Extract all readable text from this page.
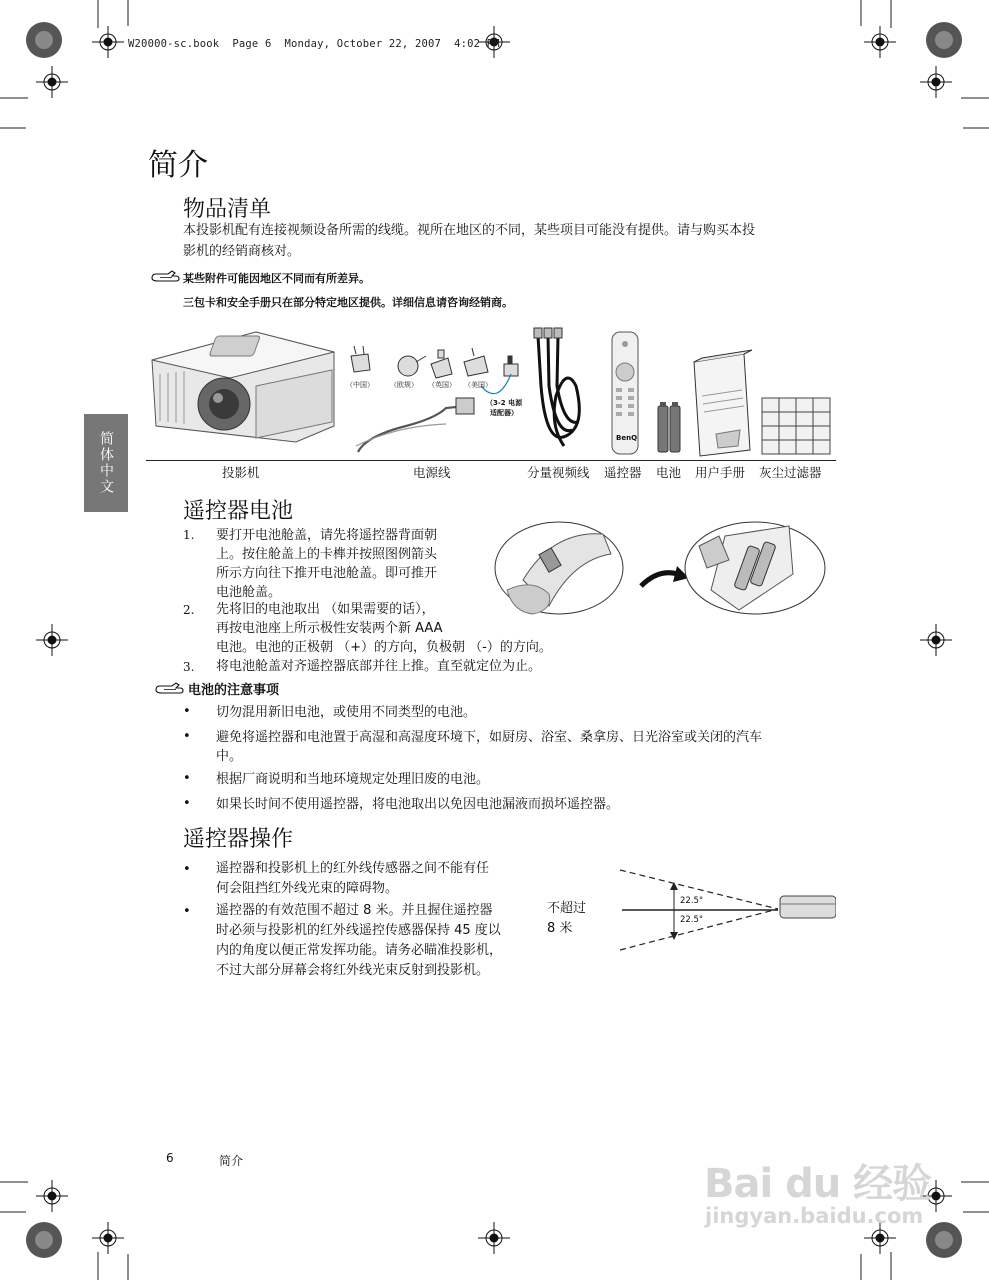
W20000-sc.book  Page 6  Monday, October 22, 2007  4:02 PM
简体中文
简介
物品清单
本投影机配有连接视频设备所需的线缆。视所在地区的不同，某些项目可能没有提供。请与购买本投
影机的经销商核对。
某些附件可能因地区不同而有所差异。
三包卡和安全手册只在部分特定地区提供。详细信息请咨询经销商。
（中国） （欧规） （英国） （美国）
（3-2 电源
适配器）
BenQ
投影机	电源线	分量视频线 遥控器 电池 用户手册 灰尘过滤器
遥控器电池
1. 要打开电池舱盖，请先将遥控器背面朝
上。按住舱盖上的卡榫并按照图例箭头
所示方向往下推开电池舱盖。即可推开
电池舱盖。
2. 先将旧的电池取出 （如果需要的话），
再按电池座上所示极性安装两个新 AAA
电池。电池的正极朝 （+）的方向，负极朝 （-）的方向。
3. 将电池舱盖对齐遥控器底部并往上推。直至就定位为止。
电池的注意事项
• 切勿混用新旧电池，或使用不同类型的电池。
• 避免将遥控器和电池置于高湿和高湿度环境下，如厨房、浴室、桑拿房、日光浴室或关闭的汽车
中。
• 根据厂商说明和当地环境规定处理旧废的电池。
• 如果长时间不使用遥控器，将电池取出以免因电池漏液而损坏遥控器。
遥控器操作
• 遥控器和投影机上的红外线传感器之间不能有任
何会阻挡红外线光束的障碍物。
• 遥控器的有效范围不超过 8 米。并且握住遥控器
时必须与投影机的红外线遥控传感器保持 45 度以
内的角度以便正常发挥功能。请务必瞄准投影机，
不过大部分屏幕会将红外线光束反射到投影机。
不超过
8 米
22.5°
22.5°
6	简介	Bai du 经验
jingyan.baidu.com
